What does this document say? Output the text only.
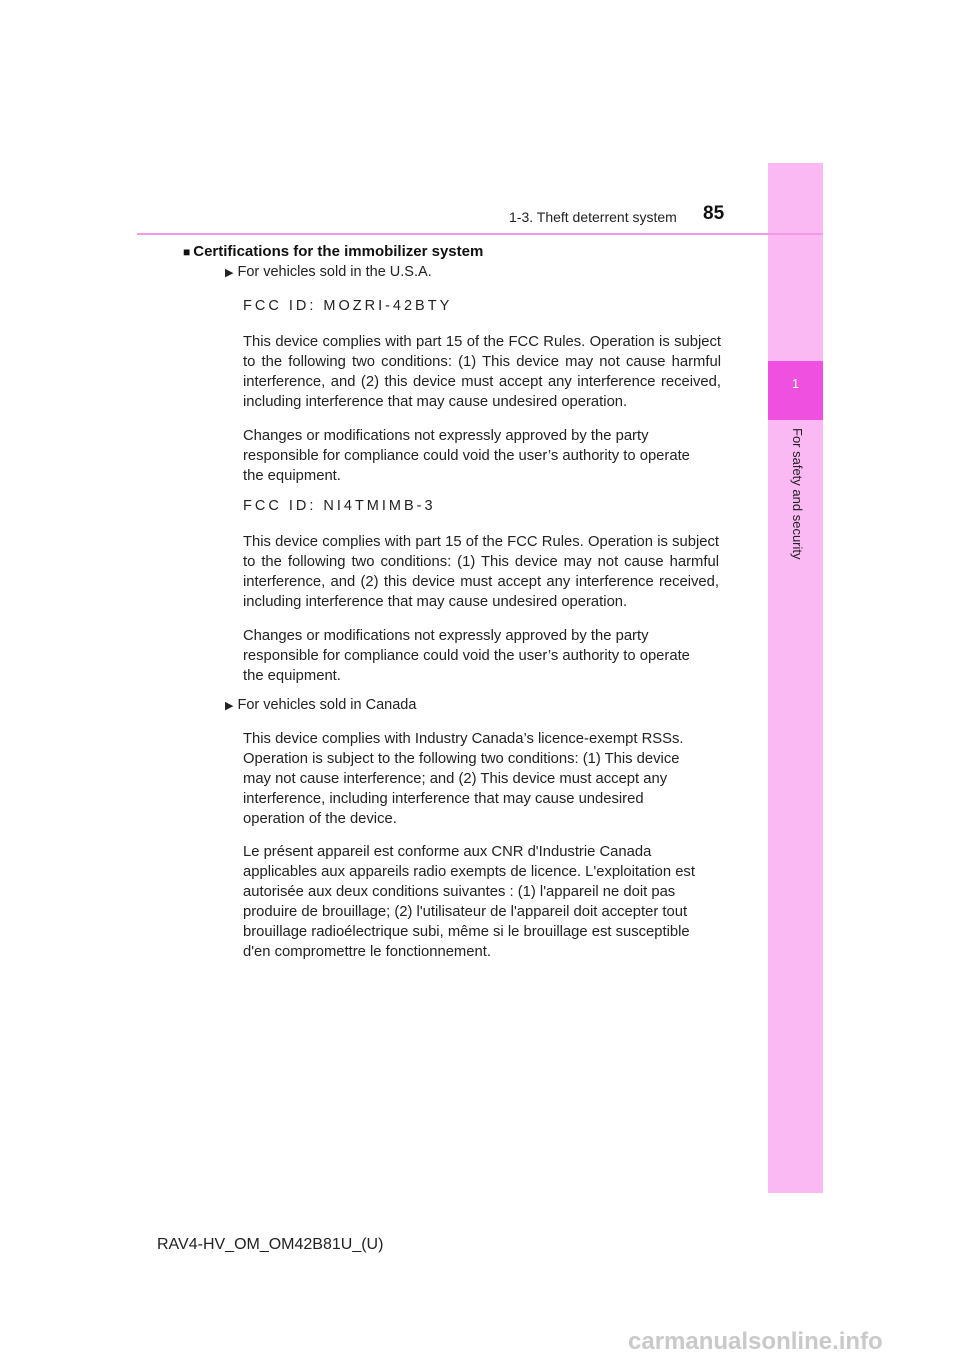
1
For safety and security
1-3. Theft deterrent system 85
■ Certifications for the immobilizer system
▶ For vehicles sold in the U.S.A.
FCC ID: MOZRI-42BTY
This device complies with part 15 of the FCC Rules. Operation is subject to the following two conditions: (1) This device may not cause harmful interference, and (2) this device must accept any interference received, including interference that may cause undesired operation.
Changes or modifications not expressly approved by the party responsible for compliance could void the user’s authority to operate the equipment.
FCC ID: NI4TMIMB-3
This device complies with part 15 of the FCC Rules. Operation is subject to the following two conditions: (1) This device may not cause harmful interference, and (2) this device must accept any interference received, including interference that may cause undesired operation.
Changes or modifications not expressly approved by the party responsible for compliance could void the user’s authority to operate the equipment.
▶ For vehicles sold in Canada
This device complies with Industry Canada’s licence-exempt RSSs. Operation is subject to the following two conditions: (1) This device may not cause interference; and (2) This device must accept any interference, including interference that may cause undesired operation of the device.
Le présent appareil est conforme aux CNR d'Industrie Canada applicables aux appareils radio exempts de licence. L'exploitation est autorisée aux deux conditions suivantes : (1) l'appareil ne doit pas produire de brouillage; (2) l'utilisateur de l'appareil doit accepter tout brouillage radioélectrique subi, même si le brouillage est susceptible d'en compromettre le fonctionnement.
RAV4-HV_OM_OM42B81U_(U)
carmanualsonline.info
